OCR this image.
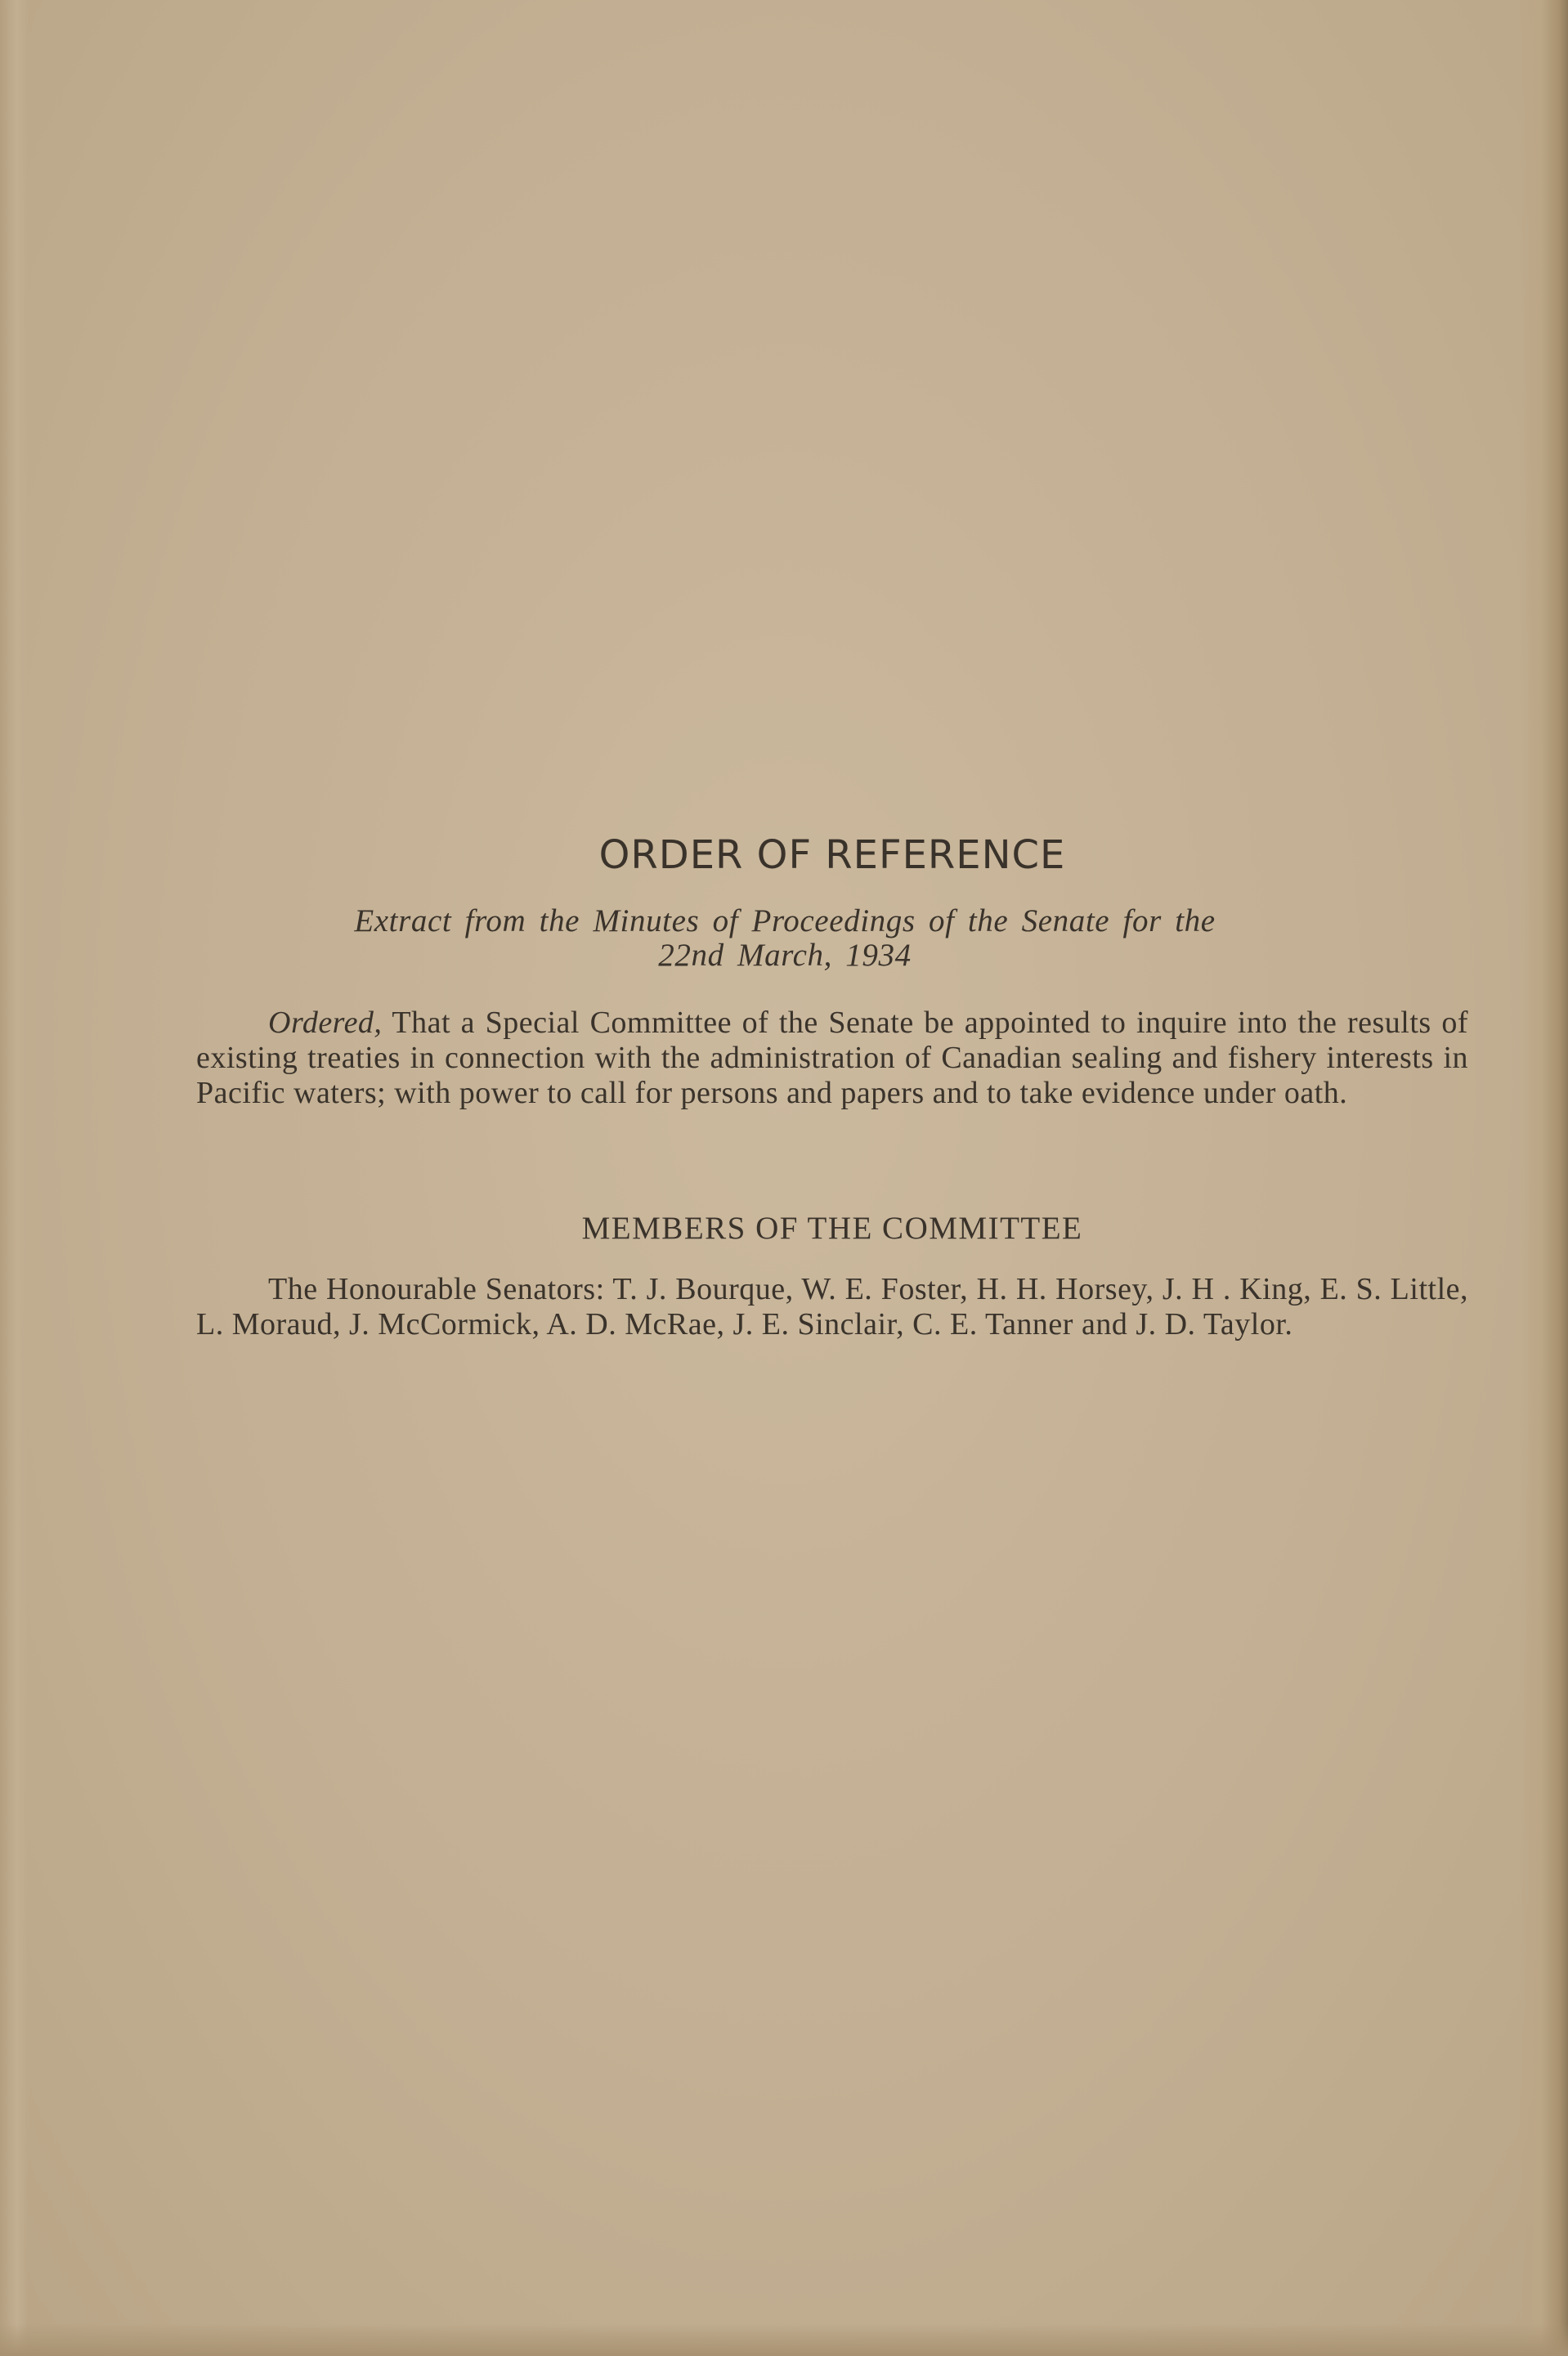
ORDER OF REFERENCE
Extract from the Minutes of Proceedings of the Senate for the
22nd March, 1934
Ordered, That a Special Committee of the Senate be appointed to inquire into the results of existing treaties in connection with the administration of Canadian sealing and fishery interests in Pacific waters; with power to call for persons and papers and to take evidence under oath.
MEMBERS OF THE COMMITTEE
The Honourable Senators: T. J. Bourque, W. E. Foster, H. H. Horsey, J. H . King, E. S. Little, L. Moraud, J. McCormick, A. D. McRae, J. E. Sinclair, C. E. Tanner and J. D. Taylor.
